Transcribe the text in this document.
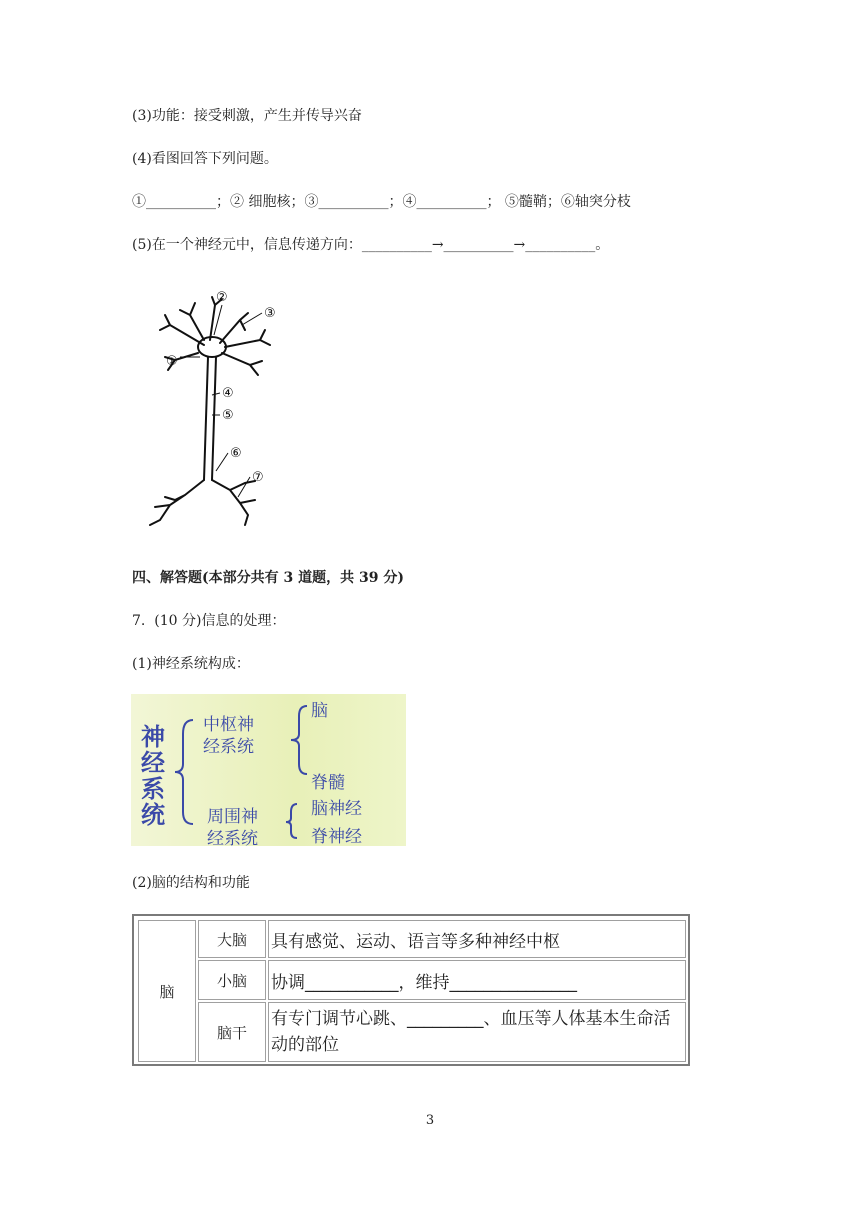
(3)功能：接受刺激，产生并传导兴奋
(4)看图回答下列问题。
①__________；② 细胞核；③__________；④__________； ⑤髓鞘；⑥轴突分枝
(5)在一个神经元中，信息传递方向：__________→__________→__________。
①
②
③
④
⑤
⑥
⑦
四、解答题(本部分共有 3 道题，共 39 分)
7.  (10 分)信息的处理：
(1)神经系统构成：
神
经
系
统
中枢神
经系统
脑
脊髓
周围神
经系统
脑神经
脊神经
(2)脑的结构和功能
脑
大脑 具有感觉、运动、语言等多种神经中枢
小脑 协调___________，维持_______________
脑干
有专门调节心跳、_________、血压等人体基本生命活动的部位
3
